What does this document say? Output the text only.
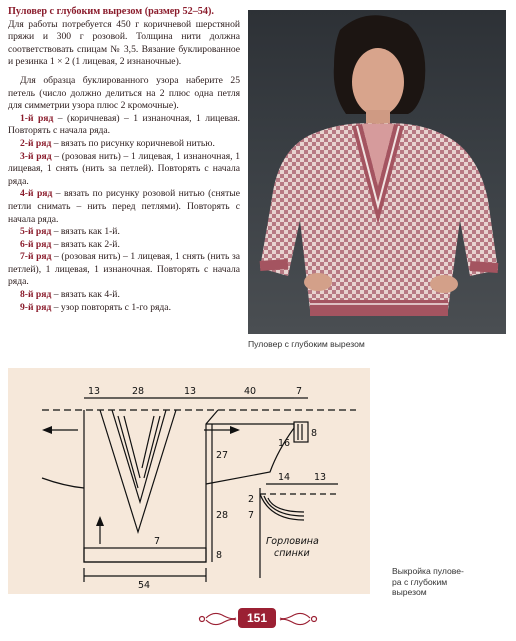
Пуловер с глубоким вырезом (размер 52–54).

Для работы потребуется 450 г коричневой шерстяной пряжи и 300 г розовой. Толщина нити должна соответствовать спицам № 3,5. Вязание буклированное и резинка 1 × 2 (1 лицевая, 2 изнаночные).

Для образца буклированного узора наберите 25 петель (число должно делиться на 2 плюс одна петля для симметрии узора плюс 2 кромочные).

1-й ряд – (коричневая) – 1 изнаночная, 1 лицевая. Повторять с начала ряда.

2-й ряд – вязать по рисунку коричневой нитью.

3-й ряд – (розовая нить) – 1 лицевая, 1 изнаночная, 1 лицевая, 1 снять (нить за петлей). Повторять с начала ряда.

4-й ряд – вязать по рисунку розовой нитью (снятые петли снимать – нить перед петлями). Повторять с начала ряда.

5-й ряд – вязать как 1-й.

6-й ряд – вязать как 2-й.

7-й ряд – (розовая нить) – 1 лицевая, 1 снять (нить за петлей), 1 лицевая, 1 изнаночная. Повторять с начала ряда.

8-й ряд – вязать как 4-й.

9-й ряд – узор повторять с 1-го ряда.

Пуловер с глубоким вырезом
13	28	13	40	7
8
16
27
28
8
7
54
14	13
2
7
Горловина
спинки
Выкройка пулове-
ра с глубоким
вырезом
151
